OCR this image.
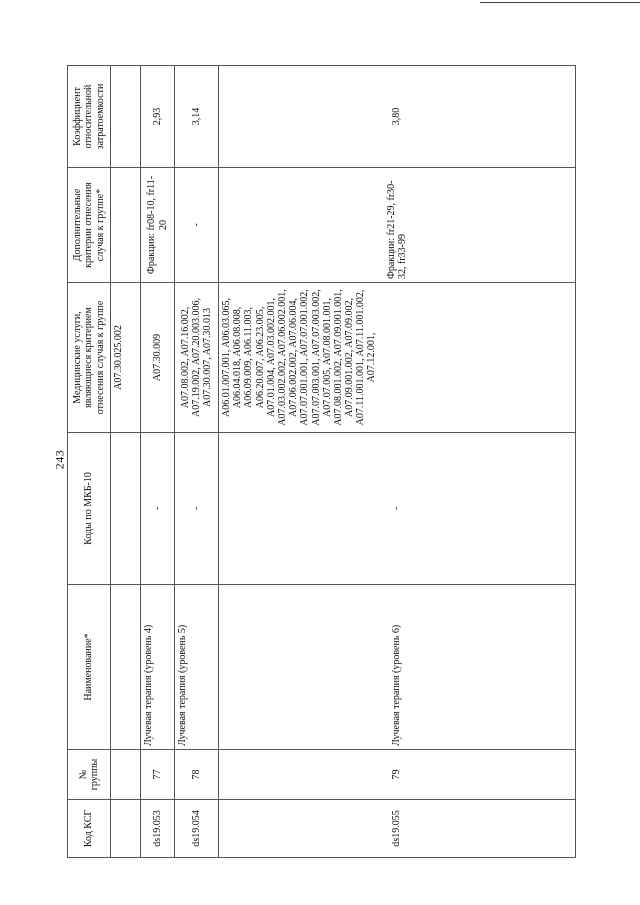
243
Код КСГ	№ группы	Наименование*	Коды по МКБ-10	Медицинские услуги, являющиеся критерием отнесения случая к группе	Дополнительные критерии отнесения случая к группе*	Коэффициент относительной затратоемкости
				A07.30.025.002		
ds19.053	77	Лучевая терапия (уровень 4)	-	A07.30.009	Фракции: fr08-10, fr11-20	2,93
ds19.054	78	Лучевая терапия (уровень 5)	-	A07.08.002, A07.16.002, A07.19.002, A07.20.003.006, A07.30.007, A07.30.013	-	3,14
ds19.055	79	Лучевая терапия (уровень 6)	-	A06.01.007.001, A06.03.065, A06.04.018, A06.08.008, A06.09.009, A06.11.003, A06.20.007, A06.23.005, A07.01.004, A07.03.002.001, A07.03.002.002, A07.06.002.001, A07.06.002.002, A07.06.004, A07.07.001.001, A07.07.001.002, A07.07.003.001, A07.07.003.002, A07.07.005, A07.08.001.001, A07.08.001.002, A07.09.001.001, A07.09.001.002, A07.09.002, A07.11.001.001, A07.11.001.002, A07.12.001,	Фракции: fr21-29, fr30-32, fr33-99	3,80
